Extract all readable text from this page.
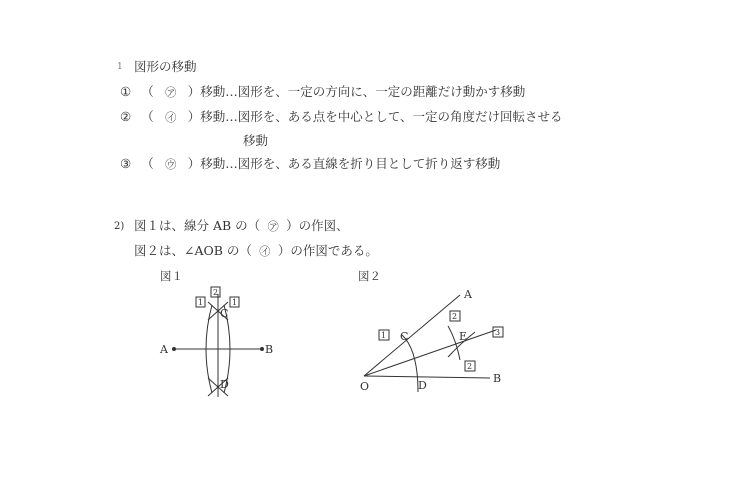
1 図形の移動
① （ ㋐ ）移動…図形を、一定の方向に、一定の距離だけ動かす移動
② （ ㋑ ）移動…図形を、ある点を中心として、一定の角度だけ回転させる
移動
③ （ ㋒ ）移動…図形を、ある直線を折り目として折り返す移動
2) 図１は、線分 AB の（ ㋐ ）の作図、
図２は、∠AOB の（ ㋑ ）の作図である。
図１	図２
A	B
C
D
1
2
1
O
A
B
C
D
E
1
2
3
2
